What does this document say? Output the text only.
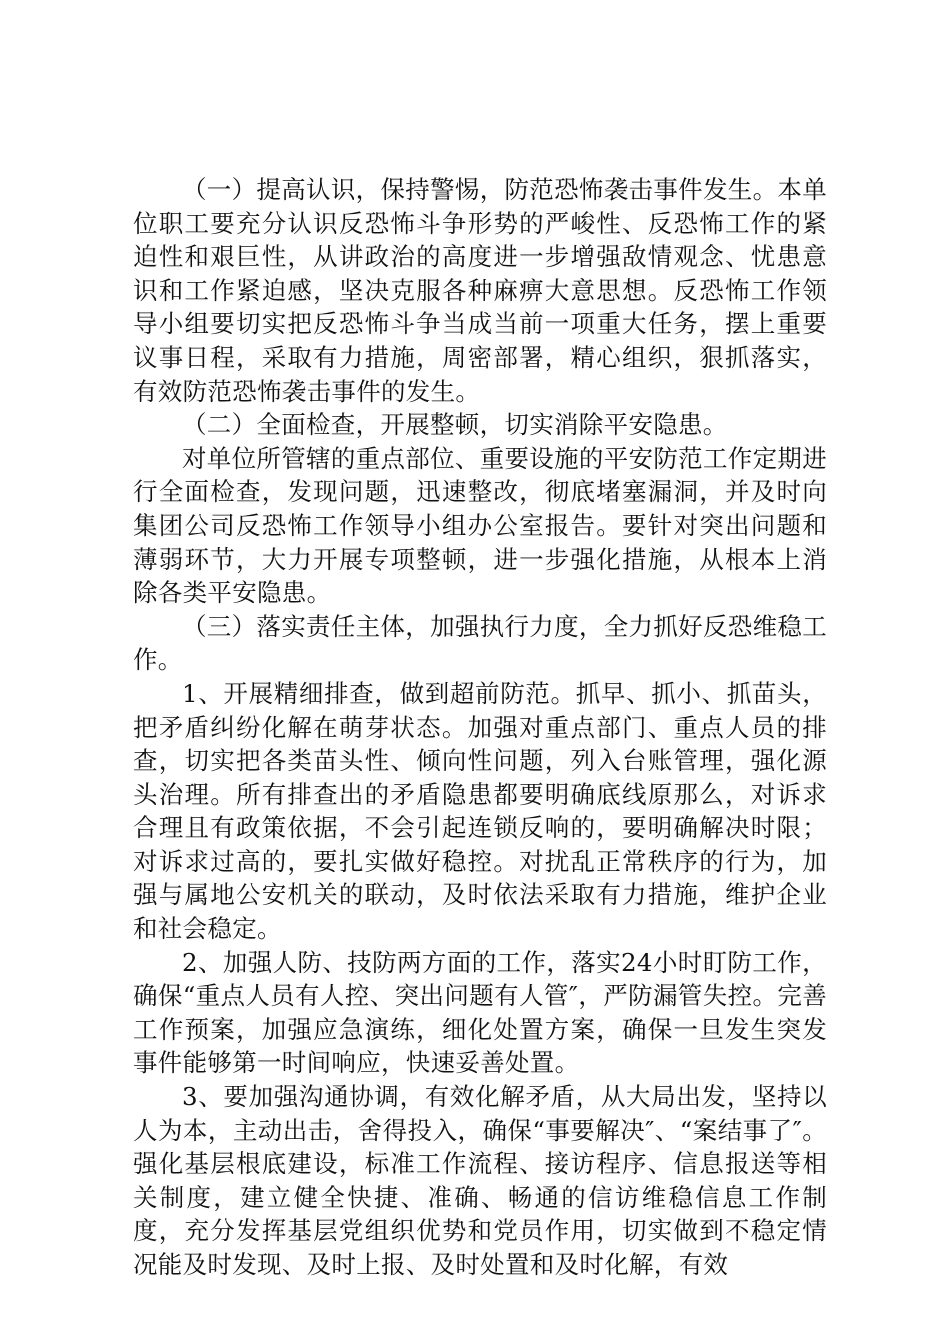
（一）提高认识，保持警惕，防范恐怖袭击事件发生。本单位职工要充分认识反恐怖斗争形势的严峻性、反恐怖工作的紧迫性和艰巨性，从讲政治的高度进一步增强敌情观念、忧患意识和工作紧迫感，坚决克服各种麻痹大意思想。反恐怖工作领导小组要切实把反恐怖斗争当成当前一项重大任务，摆上重要议事日程，采取有力措施，周密部署，精心组织，狠抓落实，有效防范恐怖袭击事件的发生。

（二）全面检查，开展整顿，切实消除平安隐患。

对单位所管辖的重点部位、重要设施的平安防范工作定期进行全面检查，发现问题，迅速整改，彻底堵塞漏洞，并及时向集团公司反恐怖工作领导小组办公室报告。要针对突出问题和薄弱环节，大力开展专项整顿，进一步强化措施，从根本上消除各类平安隐患。

（三）落实责任主体，加强执行力度，全力抓好反恐维稳工作。

1、开展精细排查，做到超前防范。抓早、抓小、抓苗头，把矛盾纠纷化解在萌芽状态。加强对重点部门、重点人员的排查，切实把各类苗头性、倾向性问题，列入台账管理，强化源头治理。所有排查出的矛盾隐患都要明确底线原那么，对诉求合理且有政策依据，不会引起连锁反响的，要明确解决时限；对诉求过高的，要扎实做好稳控。对扰乱正常秩序的行为，加强与属地公安机关的联动，及时依法采取有力措施，维护企业和社会稳定。

2、加强人防、技防两方面的工作，落实24小时盯防工作，确保“重点人员有人控、突出问题有人管″，严防漏管失控。完善工作预案，加强应急演练，细化处置方案，确保一旦发生突发事件能够第一时间响应，快速妥善处置。

3、要加强沟通协调，有效化解矛盾，从大局出发，坚持以人为本，主动出击，舍得投入，确保“事要解决″、“案结事了″。强化基层根底建设，标准工作流程、接访程序、信息报送等相关制度，建立健全快捷、准确、畅通的信访维稳信息工作制度，充分发挥基层党组织优势和党员作用，切实做到不稳定情况能及时发现、及时上报、及时处置和及时化解，有效
